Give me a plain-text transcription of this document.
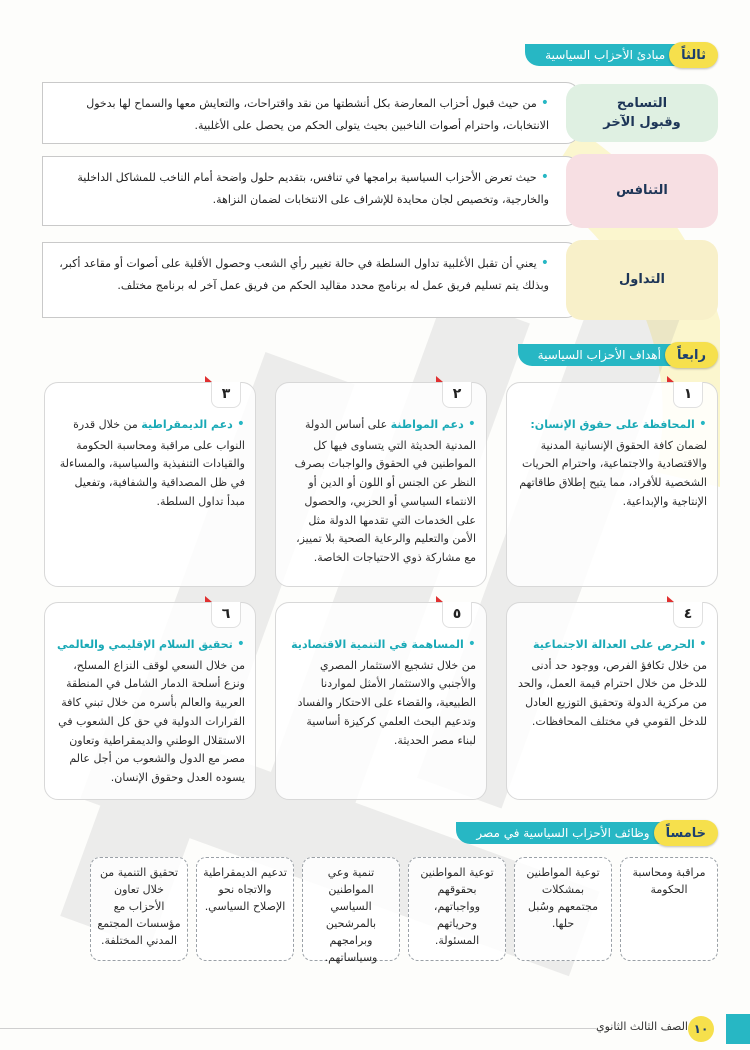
ثالثاً
مبادئ الأحزاب السياسية
التسامح
وقبول الآخر
•من حيث قبول أحزاب المعارضة بكل أنشطتها من نقد واقتراحات، والتعايش معها والسماح لها بدخول الانتخابات، واحترام أصوات الناخبين بحيث يتولى الحكم من يحصل على الأغلبية.
التنافس
•حيث تعرض الأحزاب السياسية برامجها في تنافس، بتقديم حلول واضحة أمام الناخب للمشاكل الداخلية والخارجية، وتخصيص لجان محايدة للإشراف على الانتخابات لضمان النزاهة.
التداول
•يعني أن تقبل الأغلبية تداول السلطة في حالة تغيير رأي الشعب وحصول الأقلية على أصوات أو مقاعد أكبر، وبذلك يتم تسليم فريق عمل له برنامج محدد مقاليد الحكم من فريق عمل آخر له برنامج مختلف.
رابعاً
أهداف الأحزاب السياسية
١
•المحافظة على حقوق الإنسان: لضمان كافة الحقوق الإنسانية المدنية والاقتصادية والاجتماعية، واحترام الحريات الشخصية للأفراد، مما يتيح إطلاق طاقاتهم الإنتاجية والإبداعية.
٢
•دعم المواطنة على أساس الدولة المدنية الحديثة التي يتساوى فيها كل المواطنين في الحقوق والواجبات بصرف النظر عن الجنس أو اللون أو الدين أو الانتماء السياسي أو الحزبي، والحصول على الخدمات التي تقدمها الدولة مثل الأمن والتعليم والرعاية الصحية بلا تمييز، مع مشاركة ذوي الاحتياجات الخاصة.
٣
•دعم الديمقراطية من خلال قدرة النواب على مراقبة ومحاسبة الحكومة والقيادات التنفيذية والسياسية، والمساءلة في ظل المصداقية والشفافية، وتفعيل مبدأ تداول السلطة.
٤
•الحرص على العدالة الاجتماعية من خلال تكافؤ الفرص، ووجود حد أدنى للدخل من خلال احترام قيمة العمل، والحد من مركزية الدولة وتحقيق التوزيع العادل للدخل القومي في مختلف المحافظات.
٥
•المساهمة في التنمية الاقتصادية من خلال تشجيع الاستثمار المصري والأجنبي والاستثمار الأمثل لمواردنا الطبيعية، والقضاء على الاحتكار والفساد وتدعيم البحث العلمي كركيزة أساسية لبناء مصر الحديثة.
٦
•تحقيق السلام الإقليمي والعالمي من خلال السعي لوقف النزاع المسلح، ونزع أسلحة الدمار الشامل في المنطقة العربية والعالم بأسره من خلال تبني كافة القرارات الدولية في حق كل الشعوب في الاستقلال الوطني والديمقراطية وتعاون مصر مع الدول والشعوب من أجل عالم يسوده العدل وحقوق الإنسان.
خامساً
وظائف الأحزاب السياسية في مصر
مراقبة ومحاسبة الحكومة
توعية المواطنين بمشكلات مجتمعهم وسُبل حلها.
توعية المواطنين بحقوقهم وواجباتهم، وحرياتهم المسئولة.
تنمية وعي المواطنين السياسي بالمرشحين وبرامجهم وسياساتهم.
تدعيم الديمقراطية والاتجاه نحو الإصلاح السياسي.
تحقيق التنمية من خلال تعاون الأحزاب مع مؤسسات المجتمع المدني المختلفة.
الصف الثالث الثانوي ١٠
